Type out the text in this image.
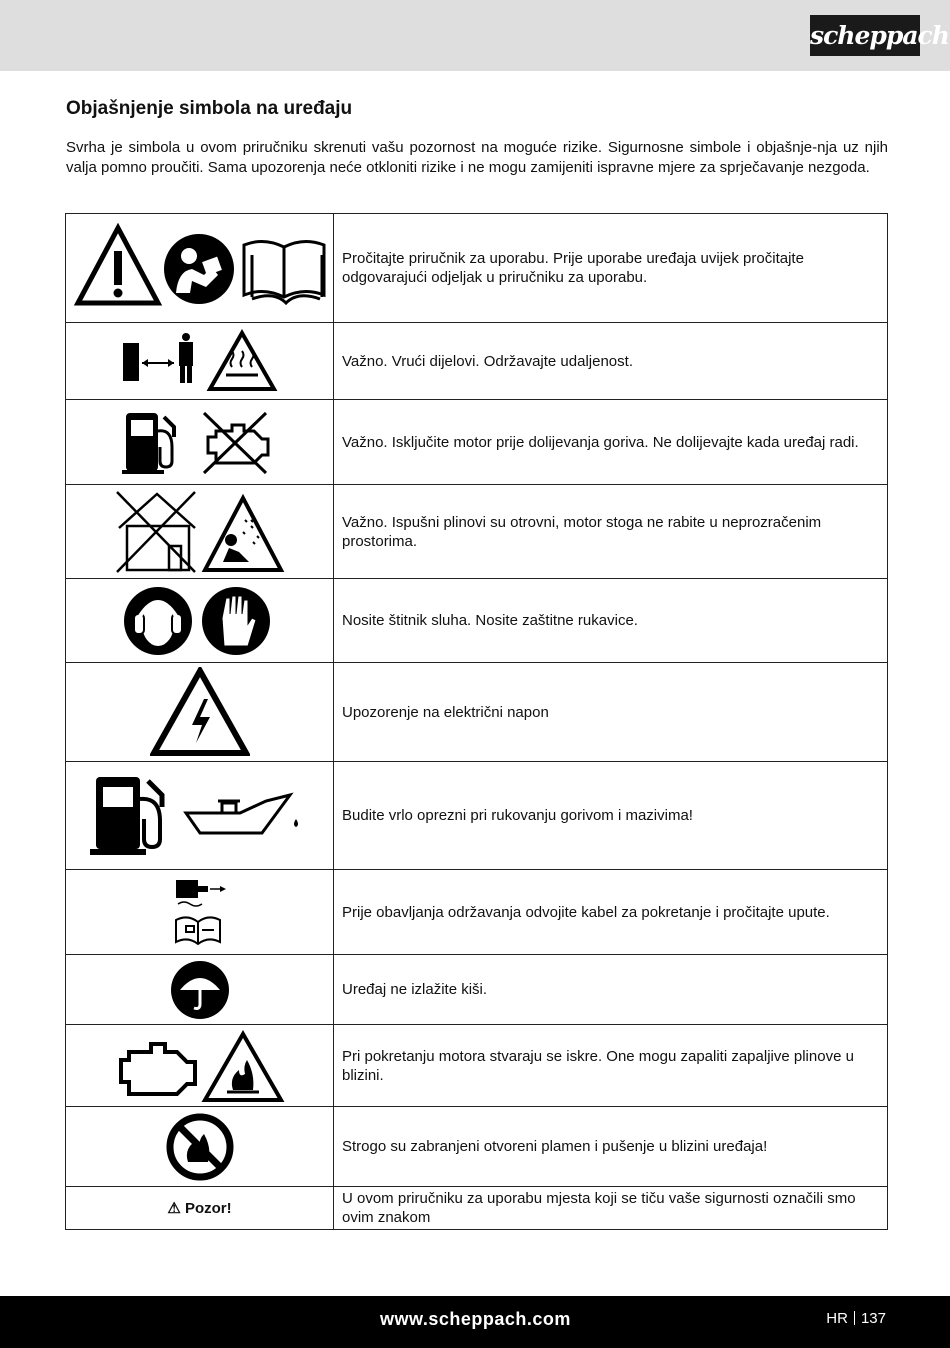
scheppach
Objašnjenje simbola na uređaju

Svrha je simbola u ovom priručniku skrenuti vašu pozornost na moguće rizike. Sigurnosne simbole i objašnje-nja uz njih valja pomno proučiti. Sama upozorenja neće otkloniti rizike i ne mogu zamijeniti ispravne mjere za sprječavanje nezgoda.

	Pročitajte priručnik za uporabu. Prije uporabe uređaja uvijek pročitajte odgovarajući odjeljak u priručniku za uporabu.

	Važno. Vrući dijelovi. Održavajte udaljenost.

	Važno. Isključite motor prije dolijevanja goriva. Ne dolijevajte kada uređaj radi.

	Važno. Ispušni plinovi su otrovni, motor stoga ne rabite u neprozračenim prostorima.

	Nosite štitnik sluha. Nosite zaštitne rukavice.

	Upozorenje na električni napon

	Budite vrlo oprezni pri rukovanju gorivom i mazivima!

	Prije obavljanja održavanja odvojite kabel za pokretanje i pročitajte upute.

	Uređaj ne izlažite kiši.

	Pri pokretanju motora stvaraju se iskre. One mogu zapaliti zapaljive plinove u blizini.

	Strogo su zabranjeni otvoreni plamen i pušenje u blizini uređaja!
⚠ Pozor!	U ovom priručniku za uporabu mjesta koji se tiču vaše sigurnosti označili smo ovim znakom
www.scheppach.com	HR 137
